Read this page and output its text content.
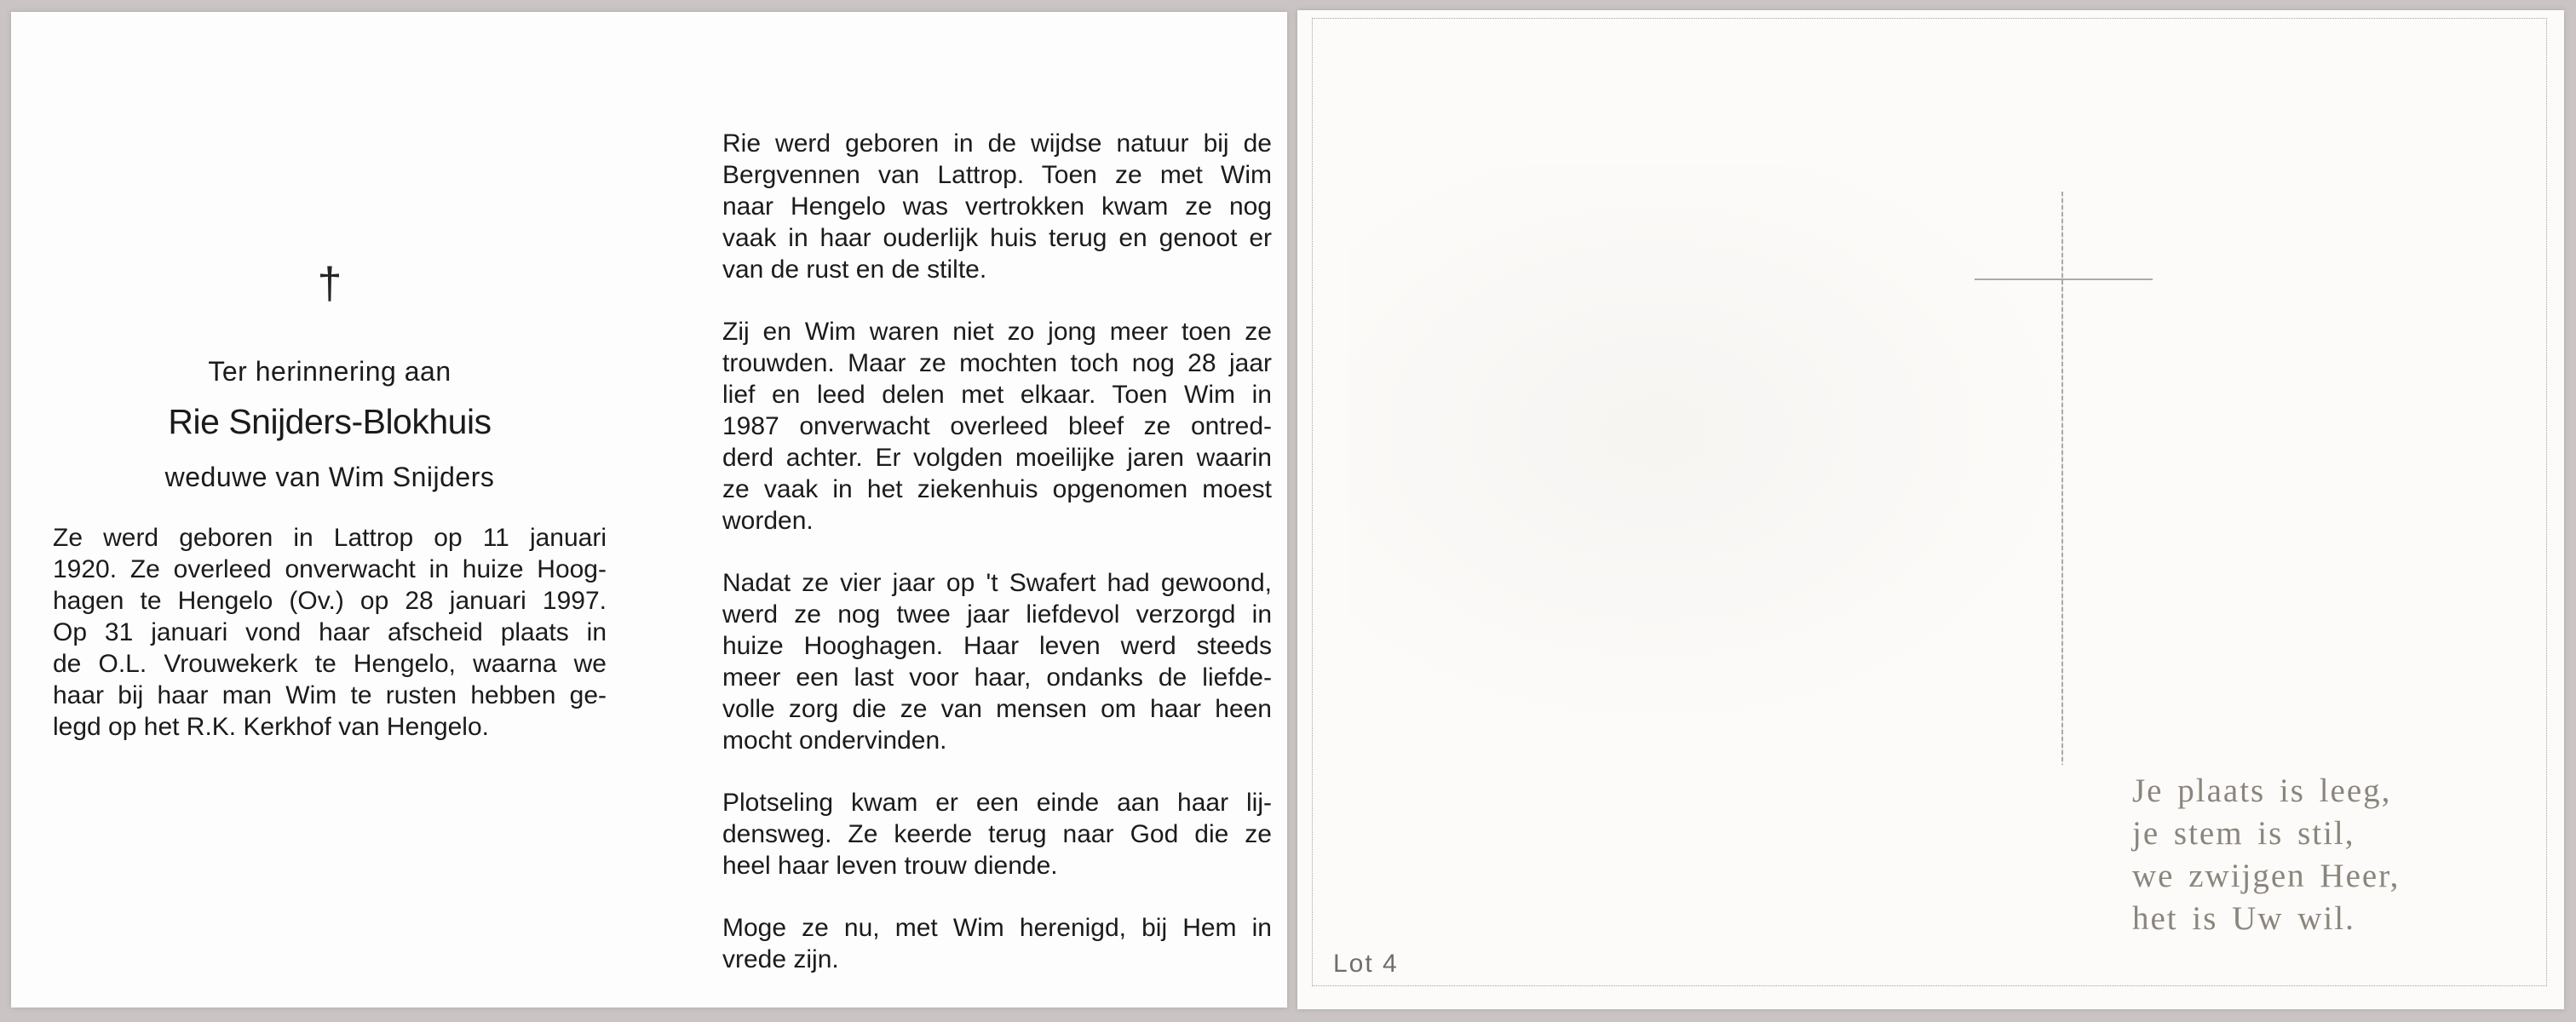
†
Ter herinnering aan
Rie Snijders-Blokhuis
weduwe van Wim Snijders
Ze werd geboren in Lattrop op 11 januari
1920. Ze overleed onverwacht in huize Hoog-
hagen te Hengelo (Ov.) op 28 januari 1997.
Op 31 januari vond haar afscheid plaats in
de O.L. Vrouwekerk te Hengelo, waarna we
haar bij haar man Wim te rusten hebben ge-
legd op het R.K. Kerkhof van Hengelo.
Rie werd geboren in de wijdse natuur bij de
Bergvennen van Lattrop. Toen ze met Wim
naar Hengelo was vertrokken kwam ze nog
vaak in haar ouderlijk huis terug en genoot er
van de rust en de stilte.
Zij en Wim waren niet zo jong meer toen ze
trouwden. Maar ze mochten toch nog 28 jaar
lief en leed delen met elkaar. Toen Wim in
1987 onverwacht overleed bleef ze ontred-
derd achter. Er volgden moeilijke jaren waarin
ze vaak in het ziekenhuis opgenomen moest
worden.
Nadat ze vier jaar op 't Swafert had gewoond,
werd ze nog twee jaar liefdevol verzorgd in
huize Hooghagen. Haar leven werd steeds
meer een last voor haar, ondanks de liefde-
volle zorg die ze van mensen om haar heen
mocht ondervinden.
Plotseling kwam er een einde aan haar lij-
densweg. Ze keerde terug naar God die ze
heel haar leven trouw diende.
Moge ze nu, met Wim herenigd, bij Hem in
vrede zijn.
Je plaats is leeg,
je stem is stil,
we zwijgen Heer,
het is Uw wil.
Lot 4
